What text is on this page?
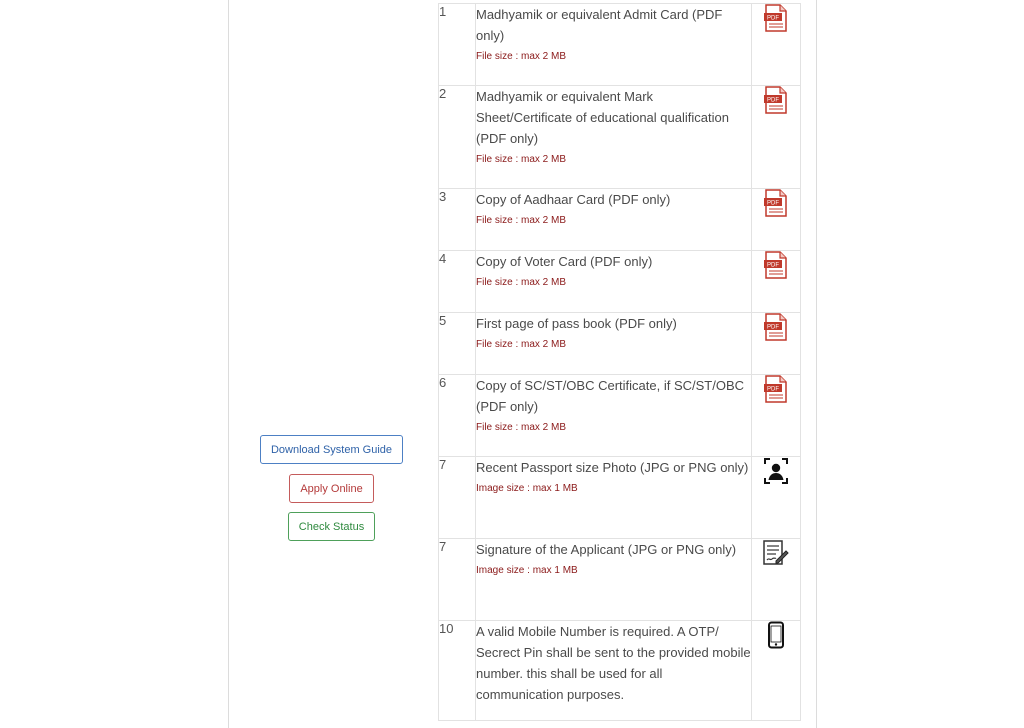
Download System Guide
Apply Online
Check Status
1	Madhyamik or equivalent Admit Card (PDF only)
File size : max 2 MB	PDF

2	Madhyamik or equivalent Mark Sheet/Certificate of educational qualification (PDF only)
File size : max 2 MB	PDF

3	Copy of Aadhaar Card (PDF only)
File size : max 2 MB	PDF

4	Copy of Voter Card (PDF only)
File size : max 2 MB	PDF

5	First page of pass book (PDF only)
File size : max 2 MB	PDF

6	Copy of SC/ST/OBC Certificate, if SC/ST/OBC (PDF only)
File size : max 2 MB	PDF

7	Recent Passport size Photo (JPG or PNG only)
Image size : max 1 MB

7	Signature of the Applicant (JPG or PNG only)
Image size : max 1 MB

10	A valid Mobile Number is required. A OTP/ Secrect Pin shall be sent to the provided mobile number. this shall be used for all communication purposes.
